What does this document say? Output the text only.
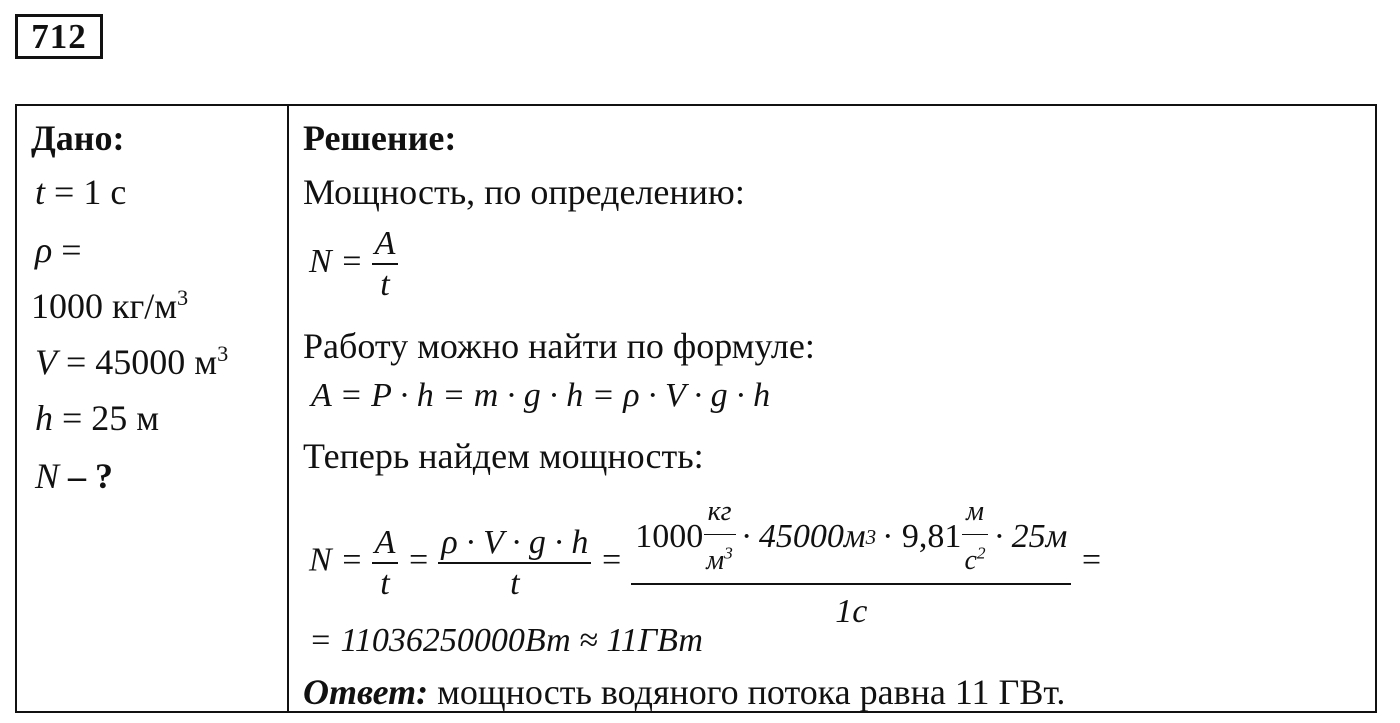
712
Дано:
t = 1 с
ρ =
1000 $кг/м^3$
V = 45000 $м^3$
h = 25 м
N – ?
Решение:
Мощность, по определению:
$N = \frac{A}{t}$
Работу можно найти по формуле:
A = P · h = m · g · h = ρ · V · g · h
Теперь найдем мощность:
$N = \frac{A}{t} = \frac{\rho \cdot V \cdot g \cdot h}{t}$ =
$1000 \frac{кг}{м^3} \cdot 45000м$ $3 \cdot 9,81 \frac{м}{с^2} \cdot 25м$
1с
=
= 11036250000Вт ≈ 11ГВт
Ответ: мощность водяного потока равна 11 ГВт.
